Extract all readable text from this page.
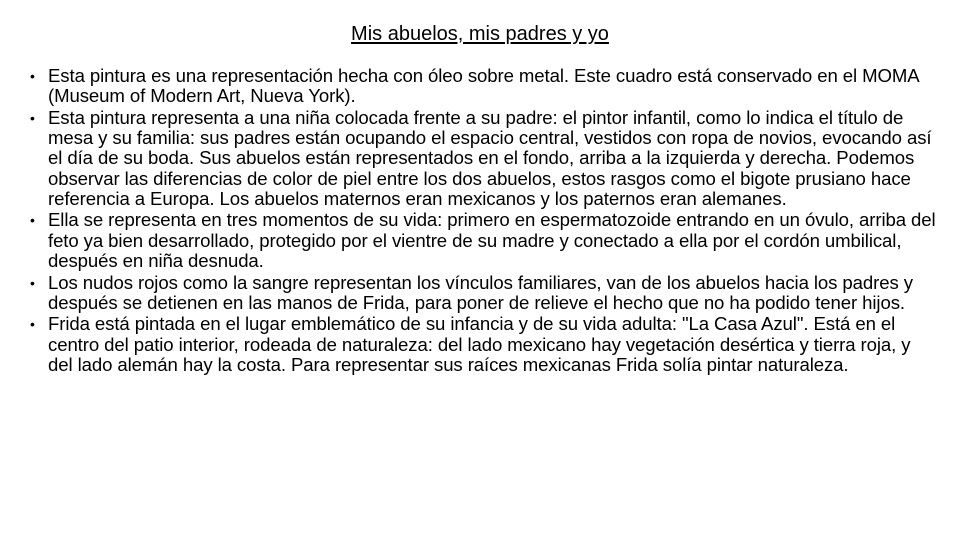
Mis abuelos, mis padres y yo
• Esta pintura es una representación hecha con óleo sobre metal. Este cuadro está conservado en el MOMA (Museum of Modern Art, Nueva York).
• Esta pintura representa a una niña colocada frente a su padre: el pintor infantil, como lo indica el título de mesa y su familia: sus padres están ocupando el espacio central, vestidos con ropa de novios, evocando así el día de su boda. Sus abuelos están representados en el fondo, arriba a la izquierda y derecha. Podemos observar las diferencias de color de piel entre los dos abuelos, estos rasgos como el bigote prusiano hace referencia a Europa. Los abuelos maternos eran mexicanos y los paternos eran alemanes.
• Ella se representa en tres momentos de su vida: primero en espermatozoide entrando en un óvulo, arriba del feto ya bien desarrollado, protegido por el vientre de su madre y conectado a ella por el cordón umbilical, después en niña desnuda.
• Los nudos rojos como la sangre representan los vínculos familiares, van de los abuelos hacia los padres y después se detienen en las manos de Frida, para poner de relieve el hecho que no ha podido tener hijos.
• Frida está pintada en el lugar emblemático de su infancia y de su vida adulta: "La Casa Azul". Está en el centro del patio interior, rodeada de naturaleza: del lado mexicano hay vegetación desértica y tierra roja, y del lado alemán hay la costa. Para representar sus raíces mexicanas Frida solía pintar naturaleza.
